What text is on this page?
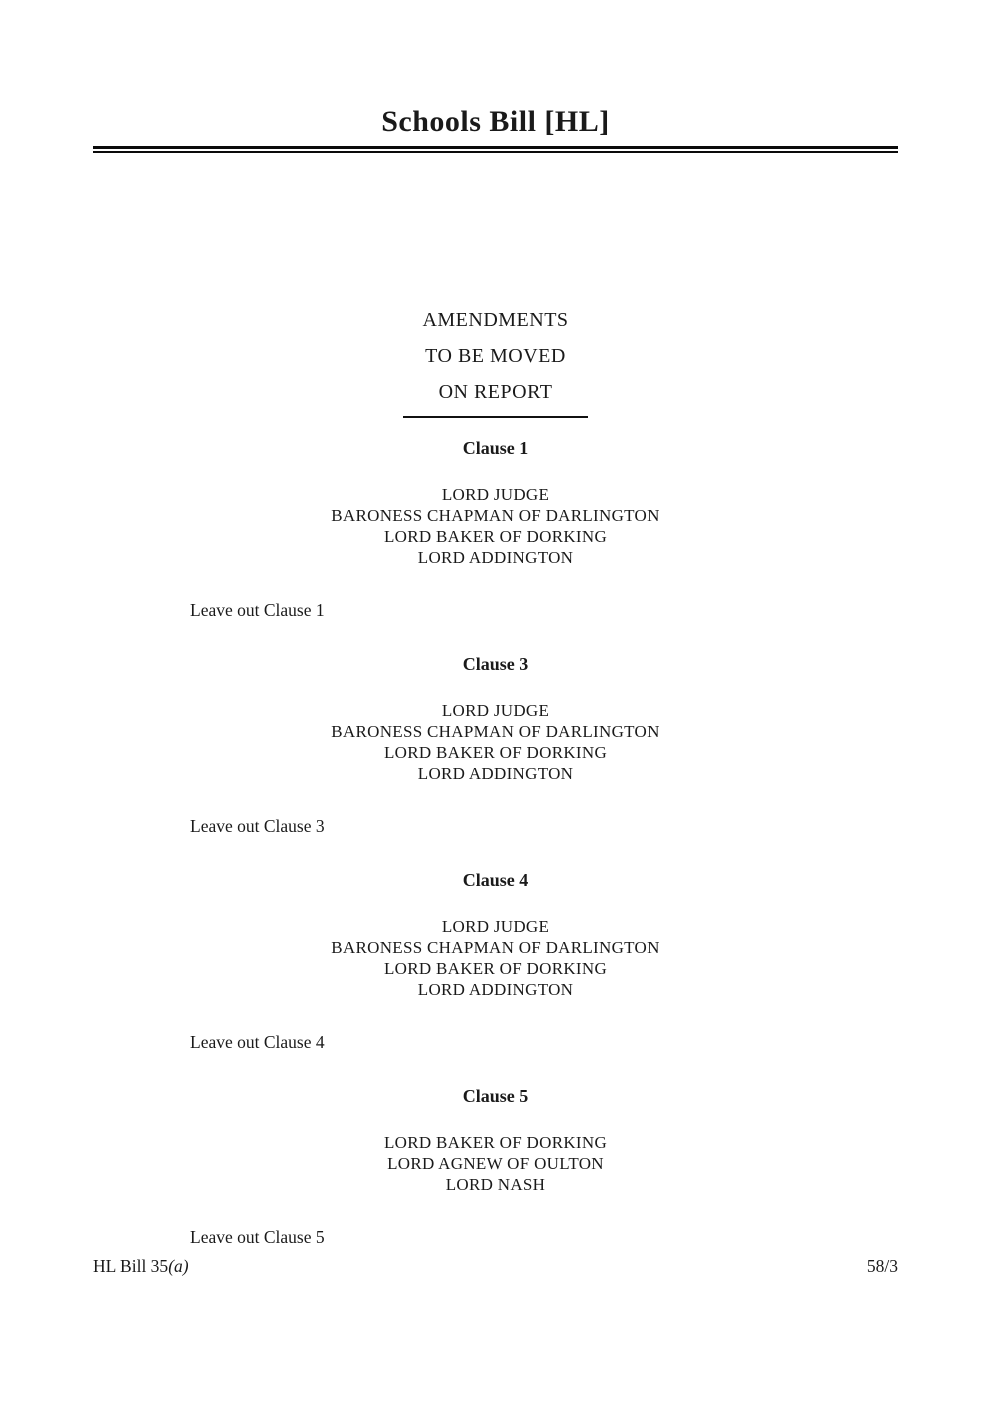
Schools Bill [HL]
AMENDMENTS
TO BE MOVED
ON REPORT
Clause 1
LORD JUDGE
BARONESS CHAPMAN OF DARLINGTON
LORD BAKER OF DORKING
LORD ADDINGTON

Leave out Clause 1

Clause 3
LORD JUDGE
BARONESS CHAPMAN OF DARLINGTON
LORD BAKER OF DORKING
LORD ADDINGTON

Leave out Clause 3

Clause 4
LORD JUDGE
BARONESS CHAPMAN OF DARLINGTON
LORD BAKER OF DORKING
LORD ADDINGTON

Leave out Clause 4

Clause 5
LORD BAKER OF DORKING
LORD AGNEW OF OULTON
LORD NASH

Leave out Clause 5

HL Bill 35(a)	58/3
